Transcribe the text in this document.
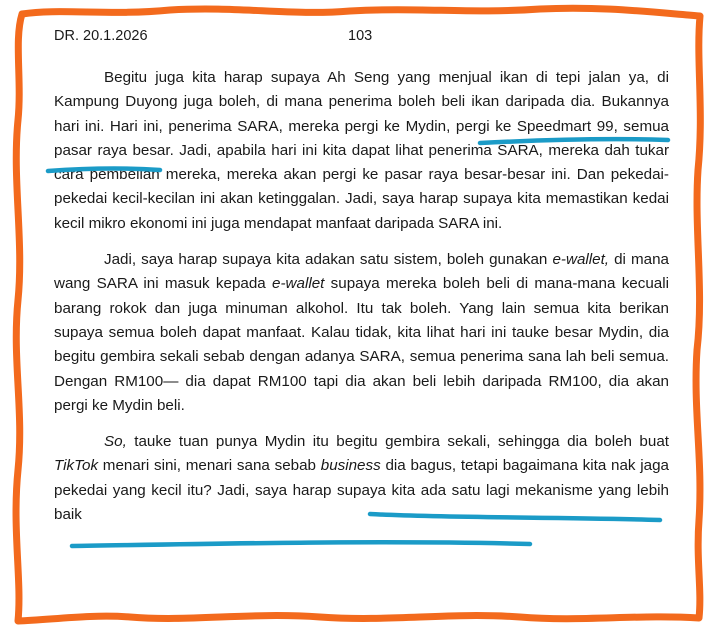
DR. 20.1.2026	103

Begitu juga kita harap supaya Ah Seng yang menjual ikan di tepi jalan ya, di Kampung Duyong juga boleh, di mana penerima boleh beli ikan daripada dia. Bukannya hari ini. Hari ini, penerima SARA, mereka pergi ke Mydin, pergi ke Speedmart 99, semua pasar raya besar. Jadi, apabila hari ini kita dapat lihat penerima SARA, mereka dah tukar cara pembelian mereka, mereka akan pergi ke pasar raya besar-besar ini. Dan pekedai-pekedai kecil-kecilan ini akan ketinggalan. Jadi, saya harap supaya kita memastikan kedai kecil mikro ekonomi ini juga mendapat manfaat daripada SARA ini.

Jadi, saya harap supaya kita adakan satu sistem, boleh gunakan e-wallet, di mana wang SARA ini masuk kepada e-wallet supaya mereka boleh beli di mana-mana kecuali barang rokok dan juga minuman alkohol. Itu tak boleh. Yang lain semua kita berikan supaya semua boleh dapat manfaat. Kalau tidak, kita lihat hari ini tauke besar Mydin, dia begitu gembira sekali sebab dengan adanya SARA, semua penerima sana lah beli semua. Dengan RM100— dia dapat RM100 tapi dia akan beli lebih daripada RM100, dia akan pergi ke Mydin beli.

So, tauke tuan punya Mydin itu begitu gembira sekali, sehingga dia boleh buat TikTok menari sini, menari sana sebab business dia bagus, tetapi bagaimana kita nak jaga pekedai yang kecil itu? Jadi, saya harap supaya kita ada satu lagi mekanisme yang lebih baik
